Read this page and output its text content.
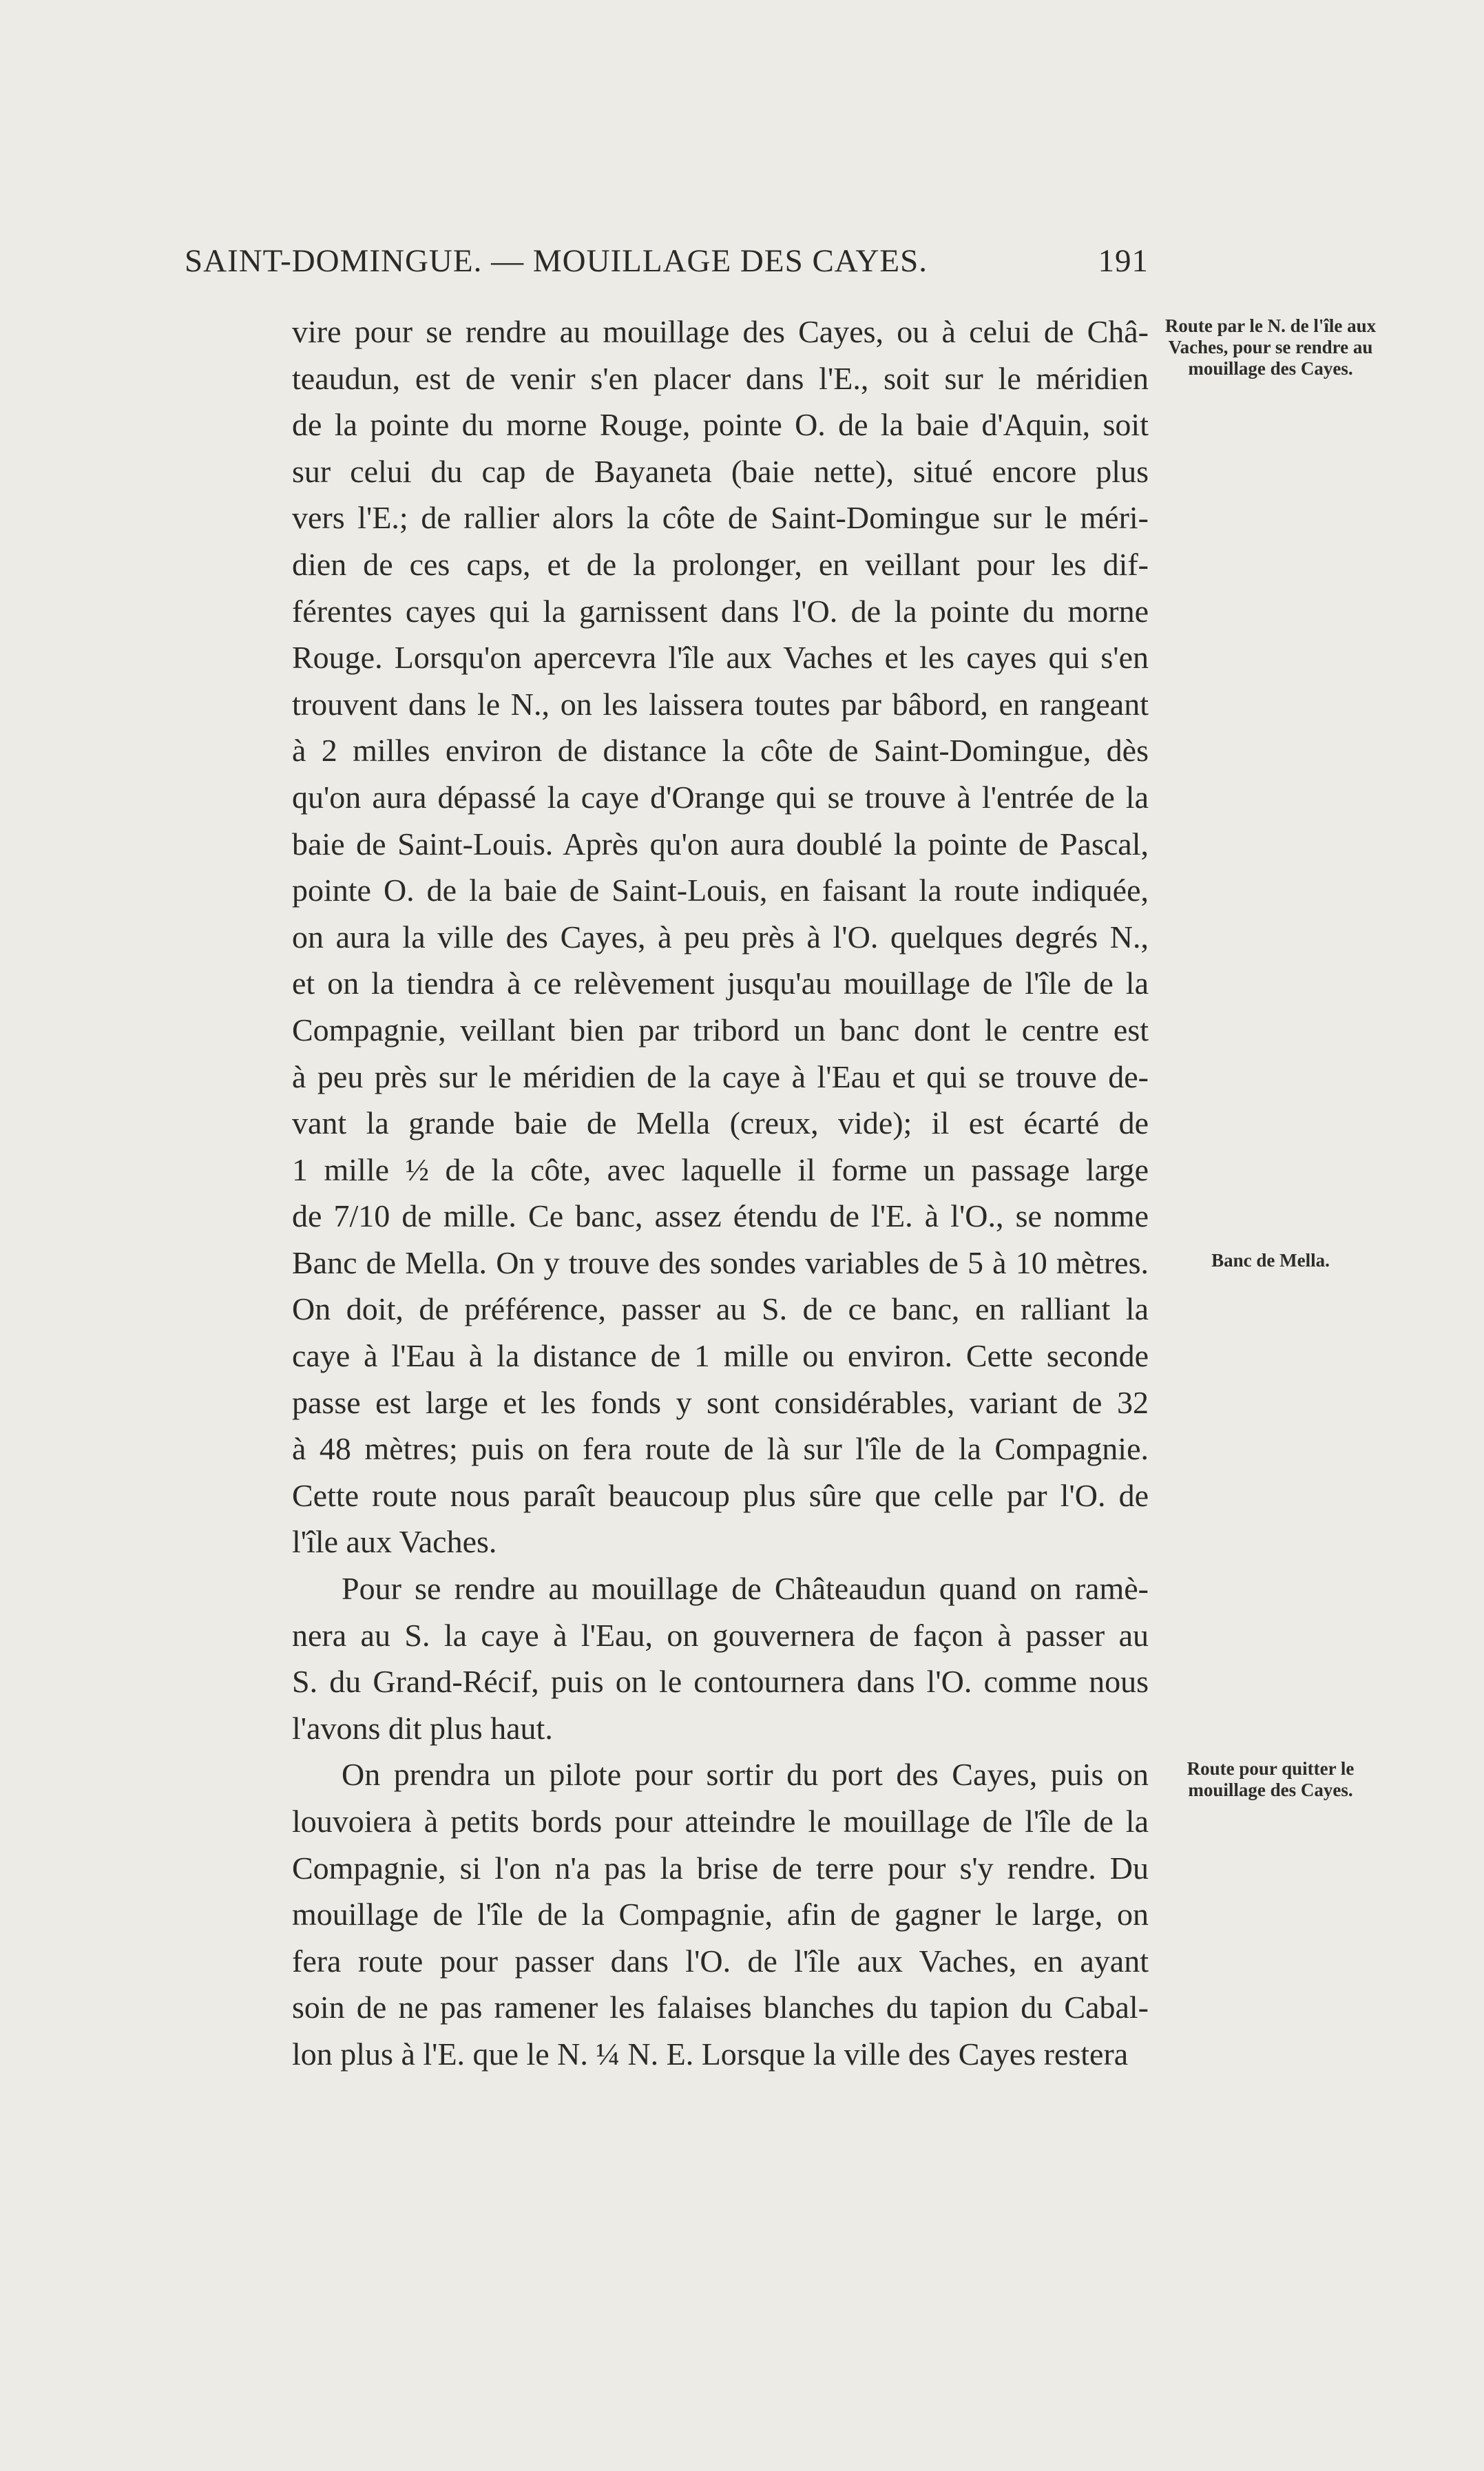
SAINT-DOMINGUE. — MOUILLAGE DES CAYES.	191
vire pour se rendre au mouillage des Cayes, ou à celui de Châ-
teaudun, est de venir s'en placer dans l'E., soit sur le méridien
de la pointe du morne Rouge, pointe O. de la baie d'Aquin, soit
sur celui du cap de Bayaneta (baie nette), situé encore plus
vers l'E.; de rallier alors la côte de Saint-Domingue sur le méri-
dien de ces caps, et de la prolonger, en veillant pour les dif-
férentes cayes qui la garnissent dans l'O. de la pointe du morne
Rouge. Lorsqu'on apercevra l'île aux Vaches et les cayes qui s'en
trouvent dans le N., on les laissera toutes par bâbord, en rangeant
à 2 milles environ de distance la côte de Saint-Domingue, dès
qu'on aura dépassé la caye d'Orange qui se trouve à l'entrée de la
baie de Saint-Louis. Après qu'on aura doublé la pointe de Pascal,
pointe O. de la baie de Saint-Louis, en faisant la route indiquée,
on aura la ville des Cayes, à peu près à l'O. quelques degrés N.,
et on la tiendra à ce relèvement jusqu'au mouillage de l'île de la
Compagnie, veillant bien par tribord un banc dont le centre est
à peu près sur le méridien de la caye à l'Eau et qui se trouve de-
vant la grande baie de Mella (creux, vide); il est écarté de
1 mille ½ de la côte, avec laquelle il forme un passage large
de 7/10 de mille. Ce banc, assez étendu de l'E. à l'O., se nomme
Banc de Mella. On y trouve des sondes variables de 5 à 10 mètres.
On doit, de préférence, passer au S. de ce banc, en ralliant la
caye à l'Eau à la distance de 1 mille ou environ. Cette seconde
passe est large et les fonds y sont considérables, variant de 32
à 48 mètres; puis on fera route de là sur l'île de la Compagnie.
Cette route nous paraît beaucoup plus sûre que celle par l'O. de
l'île aux Vaches.
Pour se rendre au mouillage de Châteaudun quand on ramè-
nera au S. la caye à l'Eau, on gouvernera de façon à passer au
S. du Grand-Récif, puis on le contournera dans l'O. comme nous
l'avons dit plus haut.
On prendra un pilote pour sortir du port des Cayes, puis on
louvoiera à petits bords pour atteindre le mouillage de l'île de la
Compagnie, si l'on n'a pas la brise de terre pour s'y rendre. Du
mouillage de l'île de la Compagnie, afin de gagner le large, on
fera route pour passer dans l'O. de l'île aux Vaches, en ayant
soin de ne pas ramener les falaises blanches du tapion du Cabal-
lon plus à l'E. que le N. ¼ N. E. Lorsque la ville des Cayes restera
Route par le N. de l'île aux Vaches, pour se rendre au mouillage des Cayes.
Banc de Mella.
Route pour quitter le mouillage des Cayes.
